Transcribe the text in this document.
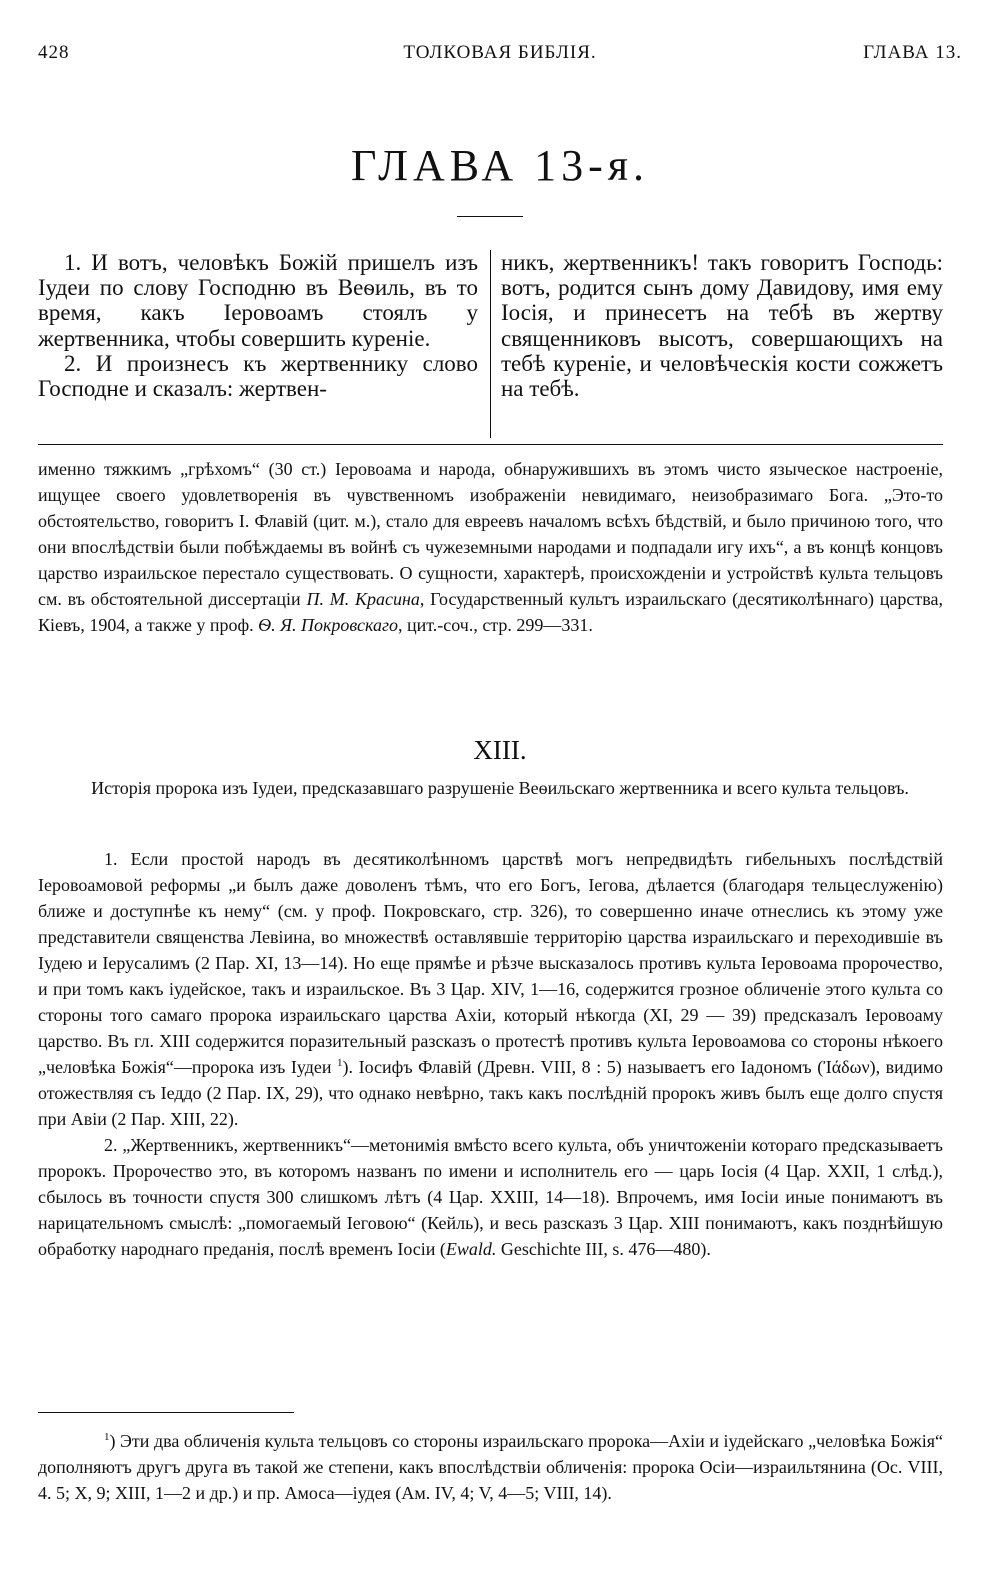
428	ТОЛКОВАЯ БИБЛІЯ.	ГЛАВА 13.
ГЛАВА 13-я.

1. И вотъ, человѣкъ Божій пришелъ изъ Іудеи по слову Господню въ Веѳиль, въ то время, какъ Іеровоамъ стоялъ у жертвенника, чтобы совершить куреніе.

2. И произнесъ къ жертвеннику слово Господне и сказалъ: жертвен-

никъ, жертвенникъ! такъ говоритъ Господь: вотъ, родится сынъ дому Давидову, имя ему Іосія, и принесетъ на тебѣ въ жертву священниковъ высотъ, совершающихъ на тебѣ куреніе, и человѣческія кости сожжетъ на тебѣ.

именно тяжкимъ „грѣхомъ“ (30 ст.) Іеровоама и народа, обнаружившихъ въ этомъ чисто языческое настроеніе, ищущее своего удовлетворенія въ чувственномъ изображеніи невидимаго, неизобразимаго Бога. „Это-то обстоятельство, говоритъ І. Флавій (цит. м.), стало для евреевъ началомъ всѣхъ бѣдствій, и было причиною того, что они впослѣдствіи были побѣждаемы въ войнѣ съ чужеземными народами и подпадали игу ихъ“, а въ концѣ концовъ царство израильское перестало существовать. О сущности, характерѣ, происхожденіи и устройствѣ культа тельцовъ см. въ обстоятельной диссертаціи П. М. Красина, Государственный культъ израильскаго (десятиколѣннаго) царства, Кіевъ, 1904, а также у проф. Ѳ. Я. Покровскаго, цит.-соч., стр. 299—331.

XIII.
Исторія пророка изъ Іудеи, предсказавшаго разрушеніе Веѳильскаго жертвенника и всего культа тельцовъ.

1. Если простой народъ въ десятиколѣнномъ царствѣ могъ непредвидѣть гибельныхъ послѣдствій Іеровоамовой реформы „и былъ даже доволенъ тѣмъ, что его Богъ, Іегова, дѣлается (благодаря тельцеслуженію) ближе и доступнѣе къ нему“ (см. у проф. Покровскаго, стр. 326), то совершенно иначе отнеслись къ этому уже представители священства Левіина, во множествѣ оставлявшіе территорію царства израильскаго и переходившіе въ Іудею и Іерусалимъ (2 Пар. XI, 13—14). Но еще прямѣе и рѣзче высказалось противъ культа Іеровоама пророчество, и при томъ какъ іудейское, такъ и израильское. Въ 3 Цар. XIV, 1—16, содержится грозное обличеніе этого культа со стороны того самаго пророка израильскаго царства Ахіи, который нѣкогда (XI, 29 — 39) предсказалъ Іеровоаму царство. Въ гл. XIII содержится поразительный разсказъ о протестѣ противъ культа Іеровоамова со стороны нѣкоего „человѣка Божія“—пророка изъ Іудеи $^1$). Іосифъ Флавій (Древн. VIII, 8 : 5) называетъ его Іадономъ (Ἰάδων), видимо отожествляя съ Іеддо (2 Пар. IX, 29), что однако невѣрно, такъ какъ послѣдній пророкъ живъ былъ еще долго спустя при Авіи (2 Пар. XIII, 22).

2. „Жертвенникъ, жертвенникъ“—метонимія вмѣсто всего культа, объ уничтоженіи котораго предсказываетъ пророкъ. Пророчество это, въ которомъ названъ по имени и исполнитель его — царь Іосія (4 Цар. XXII, 1 слѣд.), сбылось въ точности спустя 300 слишкомъ лѣтъ (4 Цар. XXIII, 14—18). Впрочемъ, имя Іосіи иные понимаютъ въ нарицательномъ смыслѣ: „помогаемый Іеговою“ (Кейль), и весь разсказъ 3 Цар. XIII понимаютъ, какъ позднѣйшую обработку народнаго преданія, послѣ временъ Іосіи (Ewald. Geschichte III, s. 476—480).

$^1$) Эти два обличенія культа тельцовъ со стороны израильскаго пророка—Ахіи и іудейскаго „человѣка Божія“ дополняютъ другъ друга въ такой же степени, какъ впослѣдствіи обличенія: пророка Осіи—израильтянина (Ос. VIII, 4. 5; X, 9; XIII, 1—2 и др.) и пр. Амоса—іудея (Ам. IV, 4; V, 4—5; VIII, 14).
